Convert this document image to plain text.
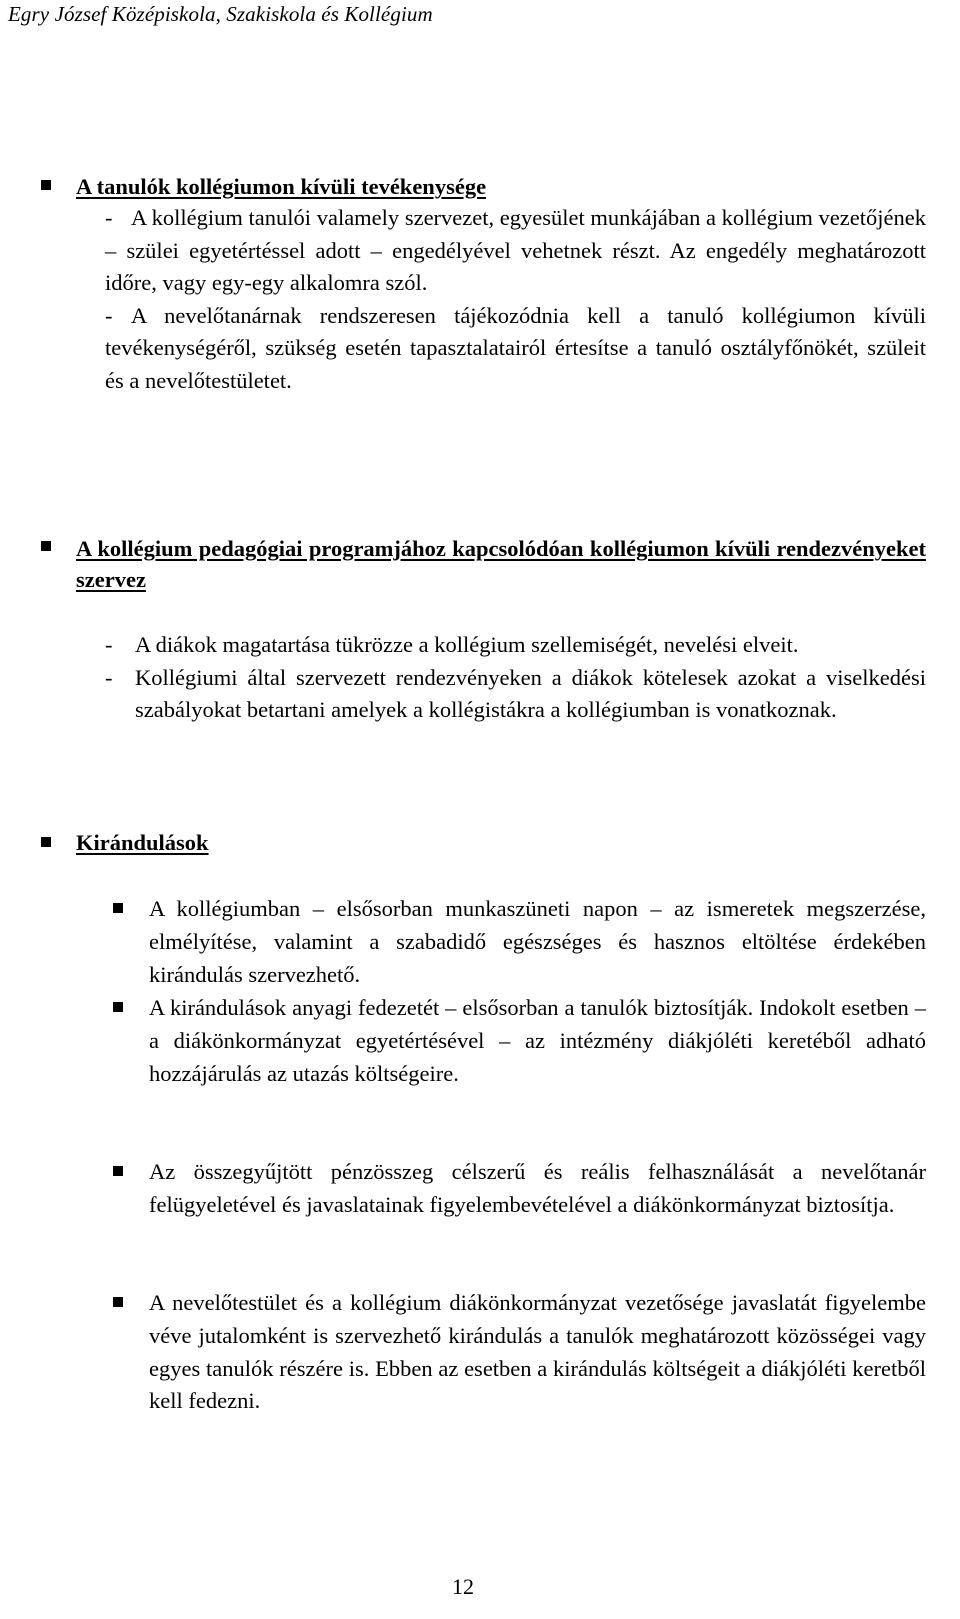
Egry József Középiskola, Szakiskola és Kollégium
A tanulók kollégiumon kívüli tevékenysége
- A kollégium tanulói valamely szervezet, egyesület munkájában a kollégium vezetőjének – szülei egyetértéssel adott – engedélyével vehetnek részt. Az engedély meghatározott időre, vagy egy-egy alkalomra szól.
- A nevelőtanárnak rendszeresen tájékozódnia kell a tanuló kollégiumon kívüli tevékenységéről, szükség esetén tapasztalatairól értesítse a tanuló osztályfőnökét, szüleit és a nevelőtestületet.
A kollégium pedagógiai programjához kapcsolódóan kollégiumon kívüli rendezvényeket szervez
-	A diákok magatartása tükrözze a kollégium szellemiségét, nevelési elveit.
-	Kollégiumi által szervezett rendezvényeken a diákok kötelesek azokat a viselkedési szabályokat betartani amelyek a kollégistákra a kollégiumban is vonatkoznak.
Kirándulások
A kollégiumban – elsősorban munkaszüneti napon – az ismeretek megszerzése, elmélyítése, valamint a szabadidő egészséges és hasznos eltöltése érdekében kirándulás szervezhető.
A kirándulások anyagi fedezetét – elsősorban a tanulók biztosítják. Indokolt esetben – a diákönkormányzat egyetértésével – az intézmény diákjóléti keretéből adható hozzájárulás az utazás költségeire.
Az összegyűjtött pénzösszeg célszerű és reális felhasználását a nevelőtanár felügyeletével és javaslatainak figyelembevételével a diákönkormányzat biztosítja.
A nevelőtestület és a kollégium diákönkormányzat vezetősége javaslatát figyelembe véve jutalomként is szervezhető kirándulás a tanulók meghatározott közösségei vagy egyes tanulók részére is. Ebben az esetben a kirándulás költségeit a diákjóléti keretből kell fedezni.
12
